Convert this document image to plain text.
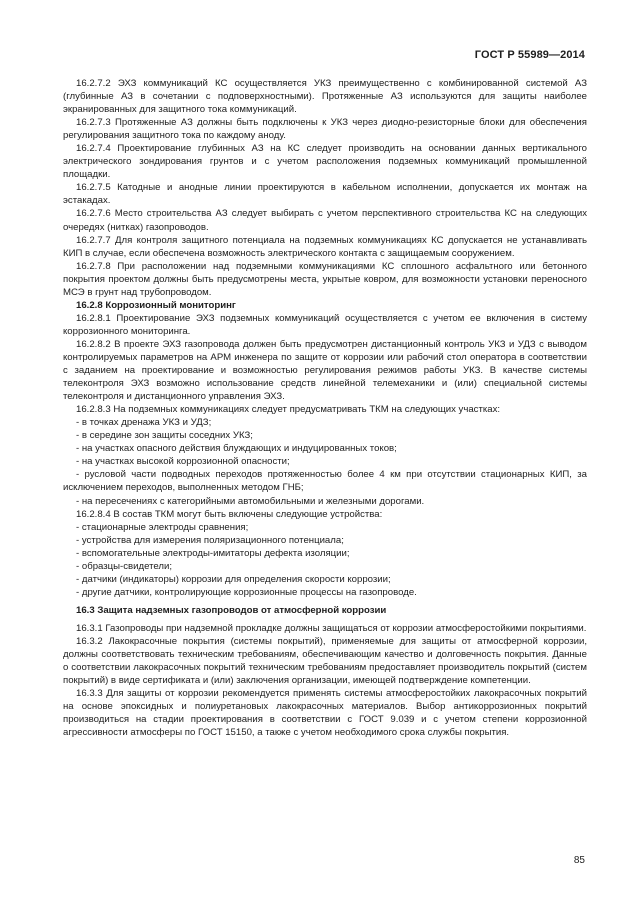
ГОСТ Р 55989—2014

16.2.7.2 ЭХЗ коммуникаций КС осуществляется УКЗ преимущественно с комбинированной системой АЗ (глубинные АЗ в сочетании с подповерхностными). Протяженные АЗ используются для защиты наиболее экранированных для защитного тока коммуникаций.

16.2.7.3 Протяженные АЗ должны быть подключены к УКЗ через диодно-резисторные блоки для обеспечения регулирования защитного тока по каждому аноду.

16.2.7.4 Проектирование глубинных АЗ на КС следует производить на основании данных вертикального электрического зондирования грунтов и с учетом расположения подземных коммуникаций промышленной площадки.

16.2.7.5 Катодные и анодные линии проектируются в кабельном исполнении, допускается их монтаж на эстакадах.

16.2.7.6 Место строительства АЗ следует выбирать с учетом перспективного строительства КС на следующих очередях (нитках) газопроводов.

16.2.7.7 Для контроля защитного потенциала на подземных коммуникациях КС допускается не устанавливать КИП в случае, если обеспечена возможность электрического контакта с защищаемым сооружением.

16.2.7.8 При расположении над подземными коммуникациями КС сплошного асфальтного или бетонного покрытия проектом должны быть предусмотрены места, укрытые ковром, для возможности установки переносного МСЭ в грунт над трубопроводом.

16.2.8 Коррозионный мониторинг

16.2.8.1 Проектирование ЭХЗ подземных коммуникаций осуществляется с учетом ее включения в систему коррозионного мониторинга.

16.2.8.2 В проекте ЭХЗ газопровода должен быть предусмотрен дистанционный контроль УКЗ и УДЗ с выводом контролируемых параметров на АРМ инженера по защите от коррозии или рабочий стол оператора в соответствии с заданием на проектирование и возможностью регулирования режимов работы УКЗ. В качестве системы телеконтроля ЭХЗ возможно использование средств линейной телемеханики и (или) специальной системы телеконтроля и дистанционного управления ЭХЗ.

16.2.8.3 На подземных коммуникациях следует предусматривать ТКМ на следующих участках:

- в точках дренажа УКЗ и УДЗ;

- в середине зон защиты соседних УКЗ;

- на участках опасного действия блуждающих и индуцированных токов;

- на участках высокой коррозионной опасности;

- русловой части подводных переходов протяженностью более 4 км при отсутствии стационарных КИП, за исключением переходов, выполненных методом ГНБ;

- на пересечениях с категорийными автомобильными и железными дорогами.

16.2.8.4 В состав ТКМ могут быть включены следующие устройства:

- стационарные электроды сравнения;

- устройства для измерения поляризационного потенциала;

- вспомогательные электроды-имитаторы дефекта изоляции;

- образцы-свидетели;

- датчики (индикаторы) коррозии для определения скорости коррозии;

- другие датчики, контролирующие коррозионные процессы на газопроводе.

16.3 Защита надземных газопроводов от атмосферной коррозии

16.3.1 Газопроводы при надземной прокладке должны защищаться от коррозии атмосферостойкими покрытиями.

16.3.2 Лакокрасочные покрытия (системы покрытий), применяемые для защиты от атмосферной коррозии, должны соответствовать техническим требованиям, обеспечивающим качество и долговечность покрытия. Данные о соответствии лакокрасочных покрытий техническим требованиям предоставляет производитель покрытий (систем покрытий) в виде сертификата и (или) заключения организации, имеющей подтверждение компетенции.

16.3.3 Для защиты от коррозии рекомендуется применять системы атмосферостойких лакокрасочных покрытий на основе эпоксидных и полиуретановых лакокрасочных материалов. Выбор антикоррозионных покрытий производиться на стадии проектирования в соответствии с ГОСТ 9.039 и с учетом степени коррозионной агрессивности атмосферы по ГОСТ 15150, а также с учетом необходимого срока службы покрытия.

85
